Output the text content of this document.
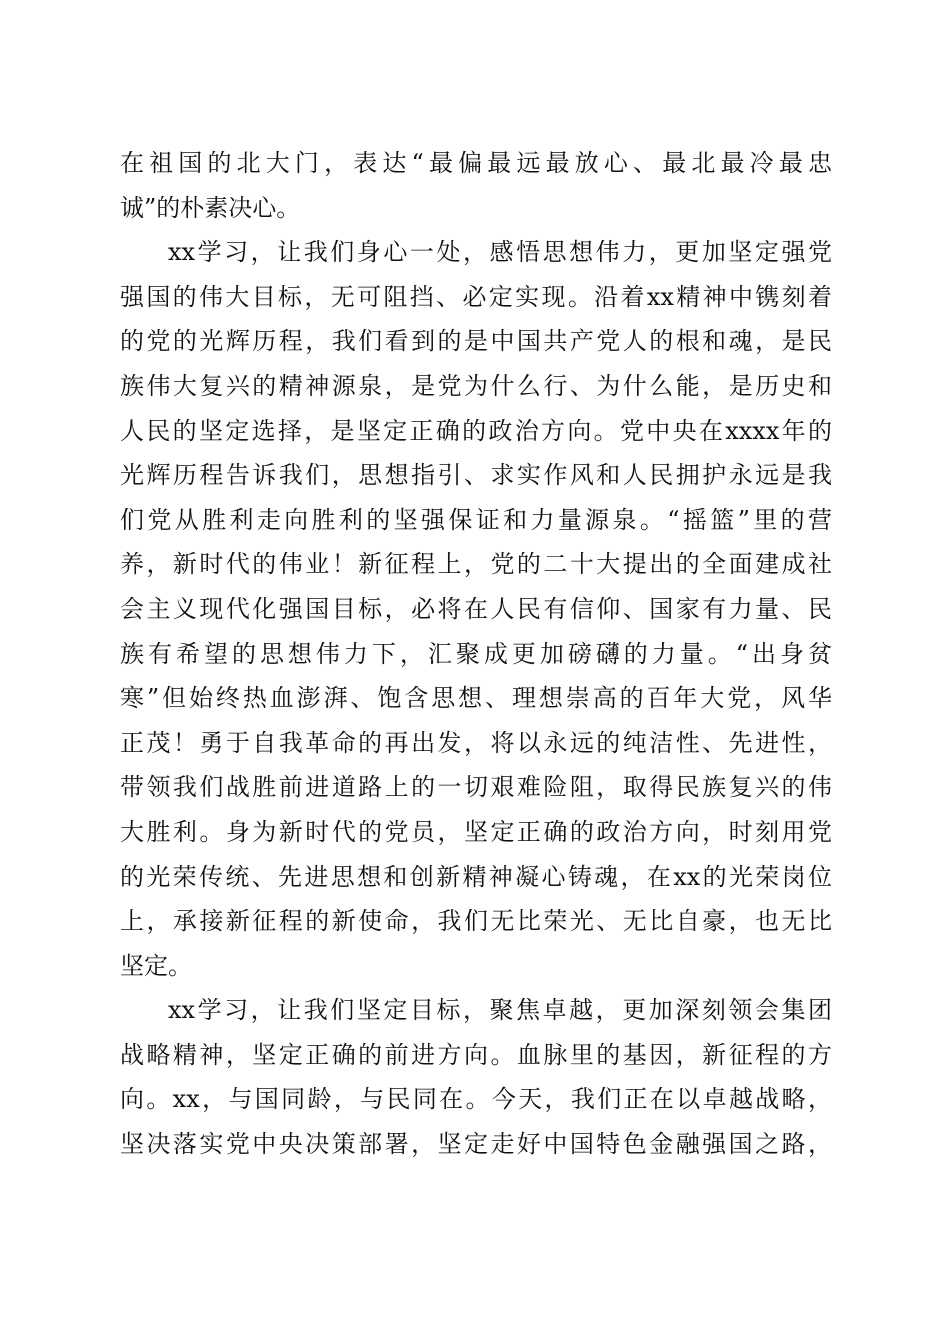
在祖国的北大门，表达“最偏最远最放心、最北最冷最忠
诚”的朴素决心。
xx学习，让我们身心一处，感悟思想伟力，更加坚定强党
强国的伟大目标，无可阻挡、必定实现。沿着xx精神中镌刻着
的党的光辉历程，我们看到的是中国共产党人的根和魂，是民
族伟大复兴的精神源泉，是党为什么行、为什么能，是历史和
人民的坚定选择，是坚定正确的政治方向。党中央在xxxx年的
光辉历程告诉我们，思想指引、求实作风和人民拥护永远是我
们党从胜利走向胜利的坚强保证和力量源泉。“摇篮”里的营
养，新时代的伟业！新征程上，党的二十大提出的全面建成社
会主义现代化强国目标，必将在人民有信仰、国家有力量、民
族有希望的思想伟力下，汇聚成更加磅礴的力量。“出身贫
寒”但始终热血澎湃、饱含思想、理想崇高的百年大党，风华
正茂！勇于自我革命的再出发，将以永远的纯洁性、先进性，
带领我们战胜前进道路上的一切艰难险阻，取得民族复兴的伟
大胜利。身为新时代的党员，坚定正确的政治方向，时刻用党
的光荣传统、先进思想和创新精神凝心铸魂，在xx的光荣岗位
上，承接新征程的新使命，我们无比荣光、无比自豪，也无比
坚定。
xx学习，让我们坚定目标，聚焦卓越，更加深刻领会集团
战略精神，坚定正确的前进方向。血脉里的基因，新征程的方
向。xx，与国同龄，与民同在。今天，我们正在以卓越战略，
坚决落实党中央决策部署，坚定走好中国特色金融强国之路，
